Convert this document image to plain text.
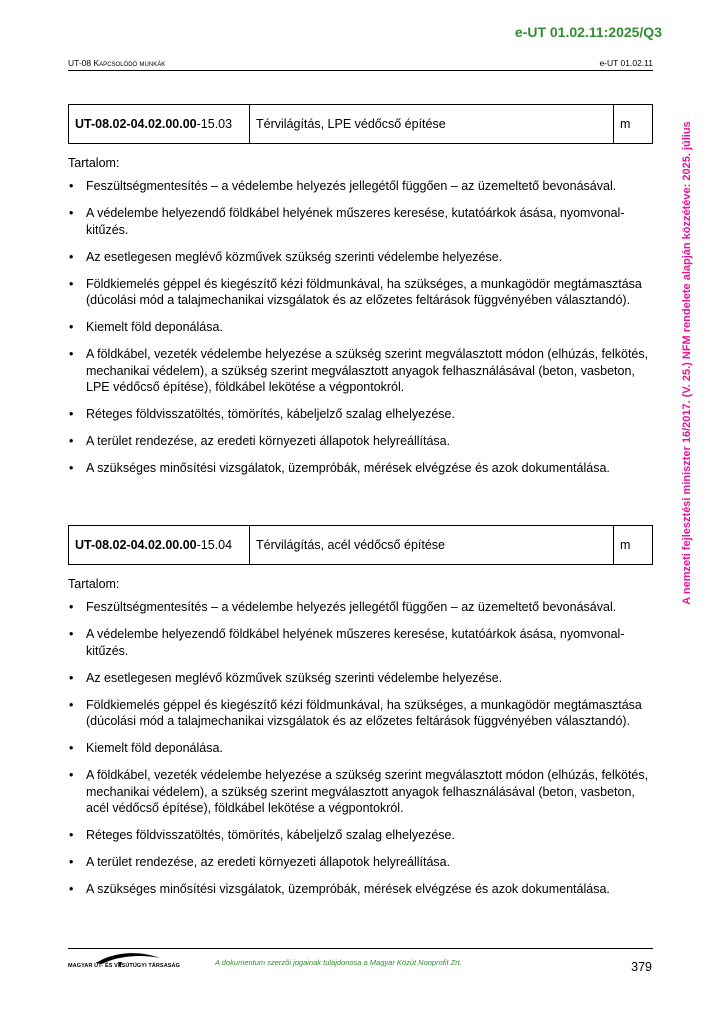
e-UT 01.02.11:2025/Q3
UT-08 Kapcsolódó munkák	e-UT 01.02.11
A nemzeti fejlesztési miniszter 16/2017. (V. 25.) NFM rendelete alapján közzétéve: 2025. július
UT-08.02-04.02.00.00-15.03	Térvilágítás, LPE védőcső építése	m
Tartalom:
• Feszültségmentesítés – a védelembe helyezés jellegétől függően – az üzemeltető bevonásával.
• A védelembe helyezendő földkábel helyének műszeres keresése, kutatóárkok ásása, nyomvonal-kitűzés.
• Az esetlegesen meglévő közművek szükség szerinti védelembe helyezése.
• Földkiemelés géppel és kiegészítő kézi földmunkával, ha szükséges, a munkagödör megtámasztása (dúcolási mód a talajmechanikai vizsgálatok és az előzetes feltárások függvényében választandó).
• Kiemelt föld deponálása.
• A földkábel, vezeték védelembe helyezése a szükség szerint megválasztott módon (elhúzás, felkötés, mechanikai védelem), a szükség szerint megválasztott anyagok felhasználásával (beton, vasbeton, LPE védőcső építése), földkábel lekötése a végpontokról.
• Réteges földvisszatöltés, tömörítés, kábeljelző szalag elhelyezése.
• A terület rendezése, az eredeti környezeti állapotok helyreállítása.
• A szükséges minősítési vizsgálatok, üzempróbák, mérések elvégzése és azok dokumentálása.
UT-08.02-04.02.00.00-15.04	Térvilágítás, acél védőcső építése	m
Tartalom:
• Feszültségmentesítés – a védelembe helyezés jellegétől függően – az üzemeltető bevonásával.
• A védelembe helyezendő földkábel helyének műszeres keresése, kutatóárkok ásása, nyomvonal-kitűzés.
• Az esetlegesen meglévő közművek szükség szerinti védelembe helyezése.
• Földkiemelés géppel és kiegészítő kézi földmunkával, ha szükséges, a munkagödör megtámasztása (dúcolási mód a talajmechanikai vizsgálatok és az előzetes feltárások függvényében választandó).
• Kiemelt föld deponálása.
• A földkábel, vezeték védelembe helyezése a szükség szerint megválasztott módon (elhúzás, felkötés, mechanikai védelem), a szükség szerint megválasztott anyagok felhasználásával (beton, vasbeton, acél védőcső építése), földkábel lekötése a végpontokról.
• Réteges földvisszatöltés, tömörítés, kábeljelző szalag elhelyezése.
• A terület rendezése, az eredeti környezeti állapotok helyreállítása.
• A szükséges minősítési vizsgálatok, üzempróbák, mérések elvégzése és azok dokumentálása.
MAGYAR ÚT- ÉS VASÚTÜGYI TÁRSASÁG	A dokumentum szerzői jogainak tulajdonosa a Magyar Közút Nonprofit Zrt.	379
